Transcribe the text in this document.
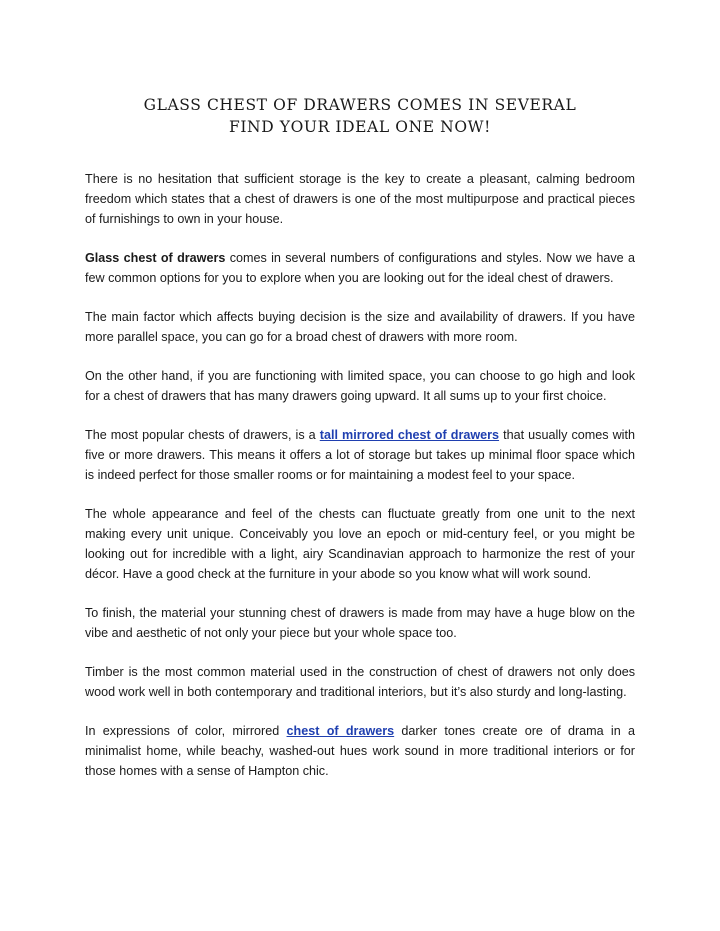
GLASS CHEST OF DRAWERS COMES IN SEVERAL
FIND YOUR IDEAL ONE NOW!

There is no hesitation that sufficient storage is the key to create a pleasant, calming bedroom freedom which states that a chest of drawers is one of the most multipurpose and practical pieces of furnishings to own in your house.

Glass chest of drawers comes in several numbers of configurations and styles. Now we have a few common options for you to explore when you are looking out for the ideal chest of drawers.

The main factor which affects buying decision is the size and availability of drawers. If you have more parallel space, you can go for a broad chest of drawers with more room.

On the other hand, if you are functioning with limited space, you can choose to go high and look for a chest of drawers that has many drawers going upward. It all sums up to your first choice.

The most popular chests of drawers, is a tall mirrored chest of drawers that usually comes with five or more drawers. This means it offers a lot of storage but takes up minimal floor space which is indeed perfect for those smaller rooms or for maintaining a modest feel to your space.

The whole appearance and feel of the chests can fluctuate greatly from one unit to the next making every unit unique. Conceivably you love an epoch or mid-century feel, or you might be looking out for incredible with a light, airy Scandinavian approach to harmonize the rest of your décor. Have a good check at the furniture in your abode so you know what will work sound.

To finish, the material your stunning chest of drawers is made from may have a huge blow on the vibe and aesthetic of not only your piece but your whole space too.

Timber is the most common material used in the construction of chest of drawers not only does wood work well in both contemporary and traditional interiors, but it’s also sturdy and long-lasting.

In expressions of color, mirrored chest of drawers darker tones create ore of drama in a minimalist home, while beachy, washed-out hues work sound in more traditional interiors or for those homes with a sense of Hampton chic.
